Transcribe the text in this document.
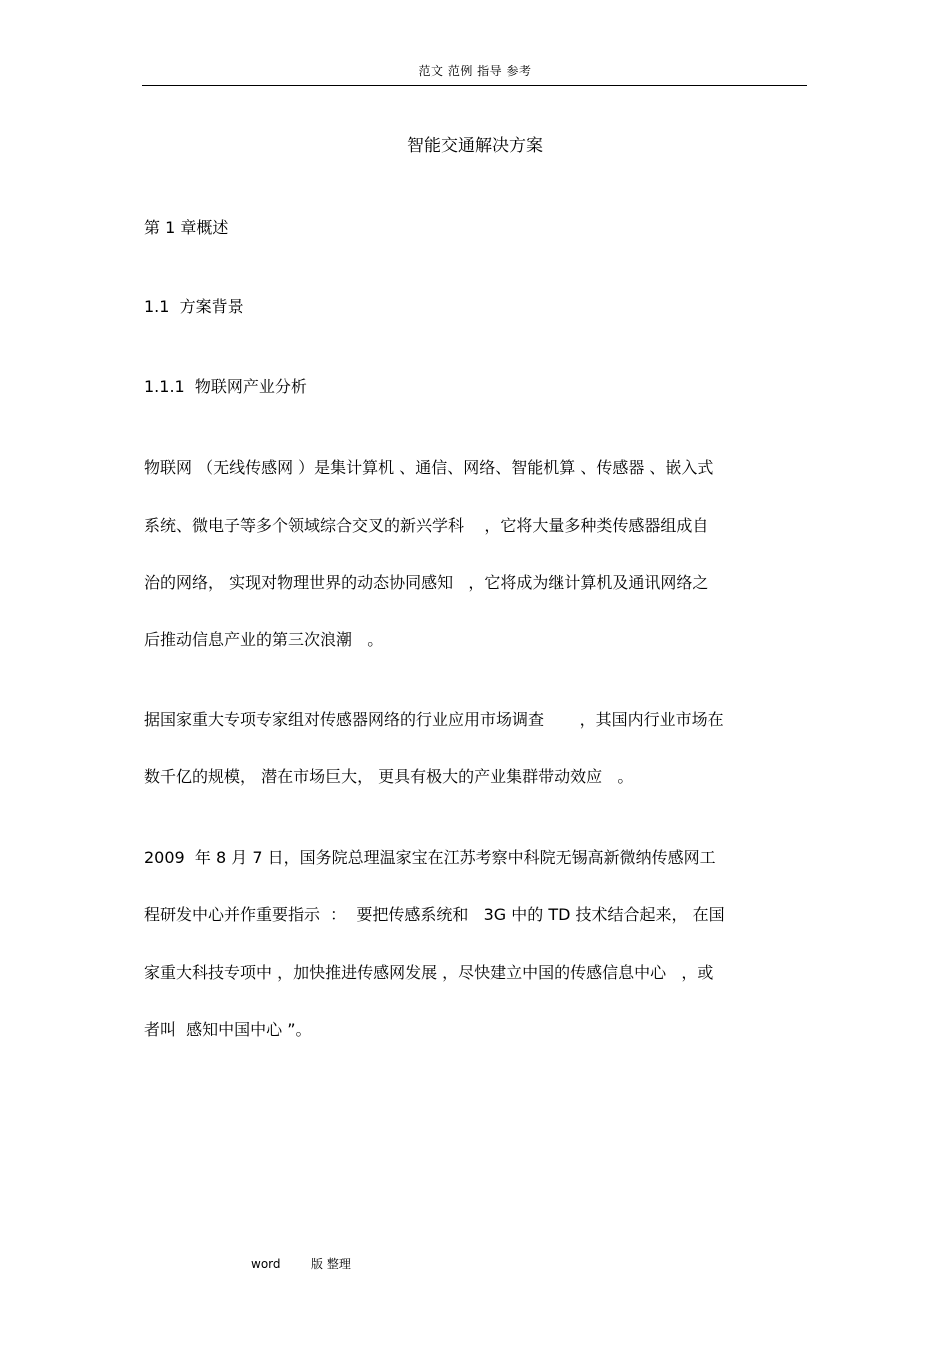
范文 范例 指导 参考
智能交通解决方案
第 1 章概述
1.1  方案背景
1.1.1  物联网产业分析
物联网 （无线传感网 ）是集计算机 、通信、网络、智能机算 、传感器 、嵌入式
系统、微电子等多个领域综合交叉的新兴学科    ，它将大量多种类传感器组成自
治的网络， 实现对物理世界的动态协同感知   ，它将成为继计算机及通讯网络之
后推动信息产业的第三次浪潮   。
据国家重大专项专家组对传感器网络的行业应用市场调查       ，其国内行业市场在
数千亿的规模， 潜在市场巨大， 更具有极大的产业集群带动效应   。
2009  年 8 月 7 日，国务院总理温家宝在江苏考察中科院无锡高新微纳传感网工
程研发中心并作重要指示  ：  要把传感系统和   3G 中的 TD 技术结合起来， 在国
家重大科技专项中 ，加快推进传感网发展 ，尽快建立中国的传感信息中心   ，或
者叫  感知中国中心 ”。
word        版 整理
